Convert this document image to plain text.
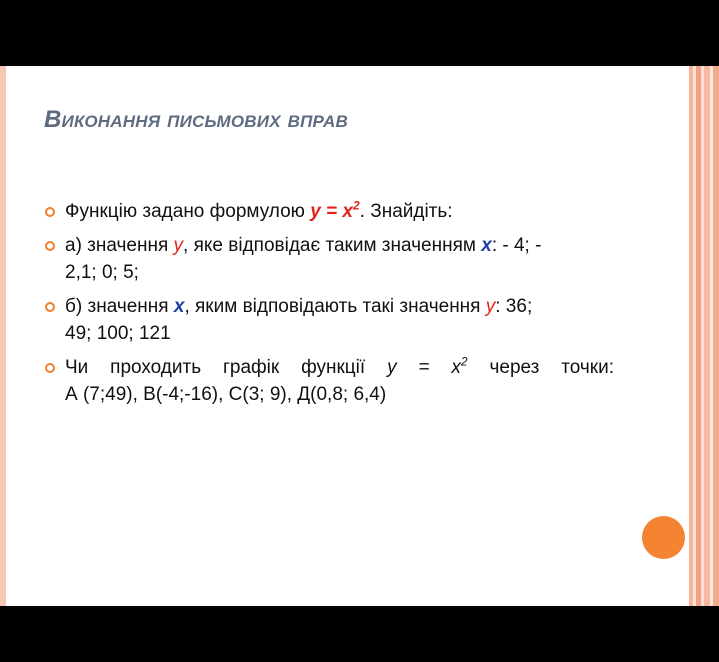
Виконання письмових вправ
Функцію задано формулою $y = x^2$. Знайдіть:
а) значення y, яке відповідає таким значенням x: - 4; -
2,1; 0; 5;
б) значення x, яким відповідають такі значення y: 36;
49; 100; 121
Чи проходить графік функції $y = x^2$ через точки:
А (7;49), В(-4;-16), С(3; 9), Д(0,8; 6,4)
